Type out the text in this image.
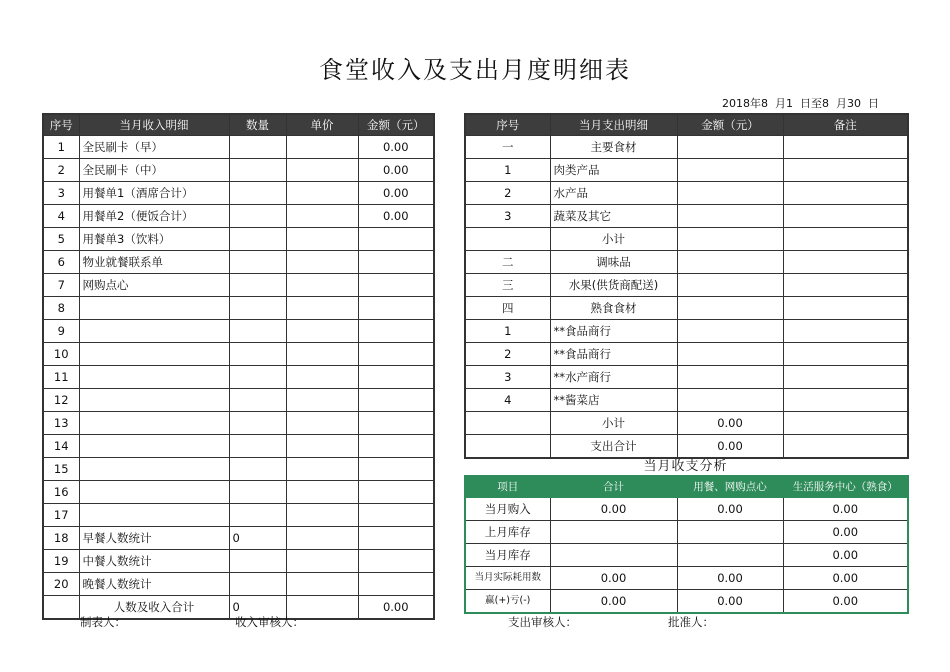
食堂收入及支出月度明细表
2018年8  月1  日至8  月30  日
序号	当月收入明细	数量	单价	金额（元）
1	全民刷卡（早）			0.00
2	全民刷卡（中）			0.00
3	用餐单1（酒席合计）			0.00
4	用餐单2（便饭合计）			0.00
5	用餐单3（饮料）			
6	物业就餐联系单			
7	网购点心			
8				
9				
10				
11				
12				
13				
14				
15				
16				
17				
18	早餐人数统计	0		
19	中餐人数统计			
20	晚餐人数统计			
	人数及收入合计	0		0.00
序号	当月支出明细	金额（元）	备注
一	主要食材		
1	肉类产品		
2	水产品		
3	蔬菜及其它		
	小计		
二	调味品		
三	水果(供货商配送)		
四	熟食食材		
1	**食品商行		
2	**食品商行		
3	**水产商行		
4	**酱菜店		
	小计	0.00	
	支出合计	0.00	
当月收支分析
项目	合计	用餐、网购点心	生活服务中心（熟食）
当月购入	0.00	0.00	0.00
上月库存			0.00
当月库存			0.00
当月实际耗用数	0.00	0.00	0.00
赢(+)亏(-)	0.00	0.00	0.00
制表人：	收入审核人：	支出审核人：	批准人：
